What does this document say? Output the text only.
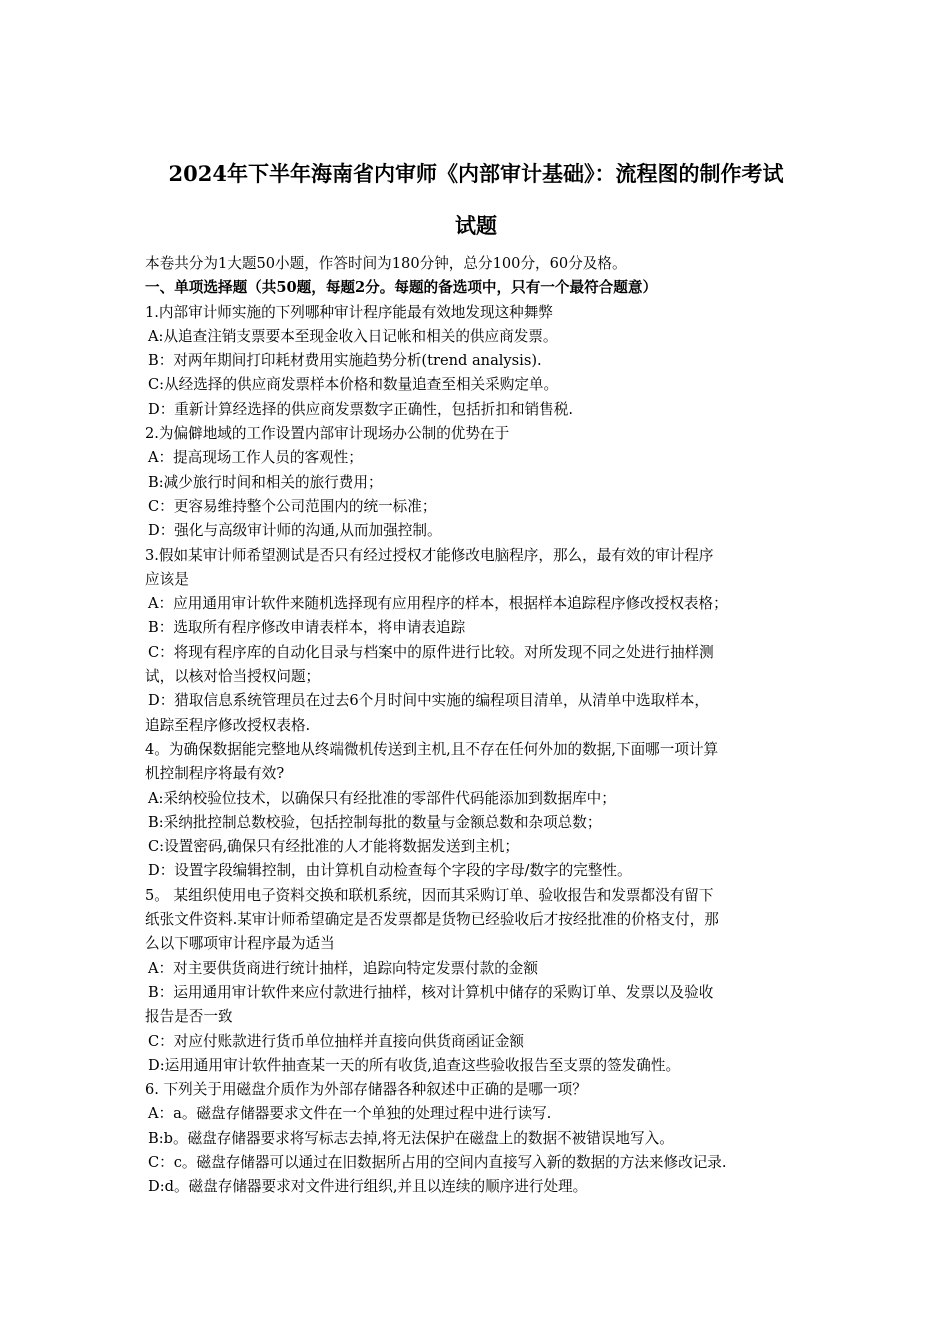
2024年下半年海南省内审师《内部审计基础》：流程图的制作考试

试题

本卷共分为1大题50小题，作答时间为180分钟，总分100分，60分及格。

一、单项选择题（共50题，每题2分。每题的备选项中，只有一个最符合题意）

1.内部审计师实施的下列哪种审计程序能最有效地发现这种舞弊

A:从追查注销支票要本至现金收入日记帐和相关的供应商发票。

B：对两年期间打印耗材费用实施趋势分析(trend analysis).

C:从经选择的供应商发票样本价格和数量追查至相关采购定单。

D：重新计算经选择的供应商发票数字正确性，包括折扣和销售税.

2.为偏僻地域的工作设置内部审计现场办公制的优势在于

A：提高现场工作人员的客观性；

B:减少旅行时间和相关的旅行费用；

C：更容易维持整个公司范围内的统一标准；

D：强化与高级审计师的沟通,从而加强控制。

3.假如某审计师希望测试是否只有经过授权才能修改电脑程序，那么，最有效的审计程序

应该是

A：应用通用审计软件来随机选择现有应用程序的样本，根据样本追踪程序修改授权表格；

B：选取所有程序修改申请表样本，将申请表追踪

C：将现有程序库的自动化目录与档案中的原件进行比较。对所发现不同之处进行抽样测

试，以核对恰当授权问题；

D：猎取信息系统管理员在过去6个月时间中实施的编程项目清单，从清单中选取样本，

追踪至程序修改授权表格.

4。为确保数据能完整地从终端微机传送到主机,且不存在任何外加的数据,下面哪一项计算

机控制程序将最有效?

A:采纳校验位技术，以确保只有经批准的零部件代码能添加到数据库中；

B:采纳批控制总数校验，包括控制每批的数量与金额总数和杂项总数；

C:设置密码,确保只有经批准的人才能将数据发送到主机；

D：设置字段编辑控制，由计算机自动检查每个字段的字母/数字的完整性。

5。 某组织使用电子资料交换和联机系统，因而其采购订单、验收报告和发票都没有留下

纸张文件资料.某审计师希望确定是否发票都是货物已经验收后才按经批准的价格支付，那

么以下哪项审计程序最为适当

A：对主要供货商进行统计抽样，追踪向特定发票付款的金额

B：运用通用审计软件来应付款进行抽样，核对计算机中储存的采购订单、发票以及验收

报告是否一致

C：对应付账款进行货币单位抽样并直接向供货商函证金额

D:运用通用审计软件抽查某一天的所有收货,追查这些验收报告至支票的签发确性。

6. 下列关于用磁盘介质作为外部存储器各种叙述中正确的是哪一项？

A：a。磁盘存储器要求文件在一个单独的处理过程中进行读写.

B:b。磁盘存储器要求将写标志去掉,将无法保护在磁盘上的数据不被错误地写入。

C：c。磁盘存储器可以通过在旧数据所占用的空间内直接写入新的数据的方法来修改记录.

D:d。磁盘存储器要求对文件进行组织,并且以连续的顺序进行处理。
